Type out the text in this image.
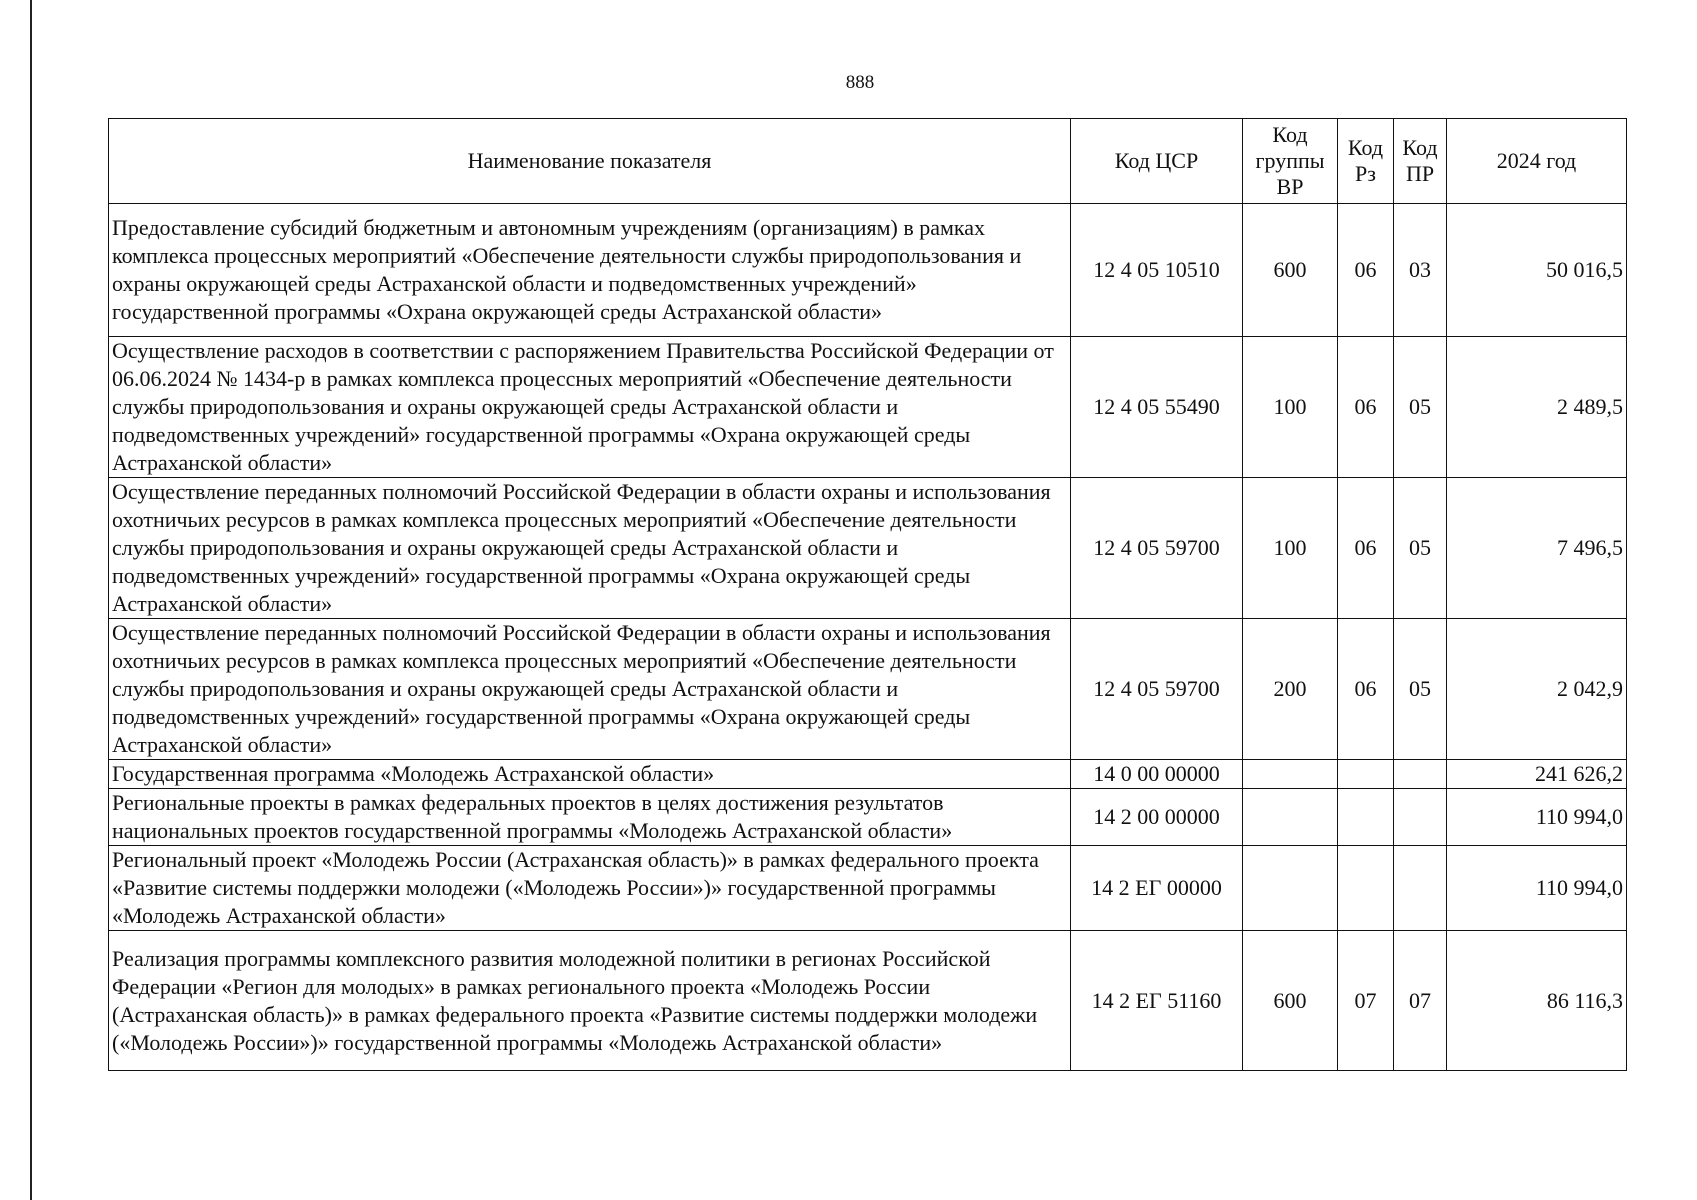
888
Наименование показателя	Код ЦСР	Код группы ВР	Код Рз	Код ПР	2024 год
Предоставление субсидий бюджетным и автономным учреждениям (организациям) в рамках комплекса процессных мероприятий «Обеспечение деятельности службы природопользования и охраны окружающей среды Астраханской области и подведомственных учреждений» государственной программы «Охрана окружающей среды Астраханской области»	12 4 05 10510	600	06	03	50 016,5
Осуществление расходов в соответствии с распоряжением Правительства Российской Федерации от 06.06.2024 № 1434-р в рамках комплекса процессных мероприятий «Обеспечение деятельности службы природопользования и охраны окружающей среды Астраханской области и подведомственных учреждений» государственной программы «Охрана окружающей среды Астраханской области»	12 4 05 55490	100	06	05	2 489,5
Осуществление переданных полномочий Российской Федерации в области охраны и использования охотничьих ресурсов в рамках комплекса процессных мероприятий «Обеспечение деятельности службы природопользования и охраны окружающей среды Астраханской области и подведомственных учреждений» государственной программы «Охрана окружающей среды Астраханской области»	12 4 05 59700	100	06	05	7 496,5
Осуществление переданных полномочий Российской Федерации в области охраны и использования охотничьих ресурсов в рамках комплекса процессных мероприятий «Обеспечение деятельности службы природопользования и охраны окружающей среды Астраханской области и подведомственных учреждений» государственной программы «Охрана окружающей среды Астраханской области»	12 4 05 59700	200	06	05	2 042,9
Государственная программа «Молодежь Астраханской области»	14 0 00 00000				241 626,2
Региональные проекты в рамках федеральных проектов в целях достижения результатов национальных проектов государственной программы «Молодежь Астраханской области»	14 2 00 00000				110 994,0
Региональный проект «Молодежь России (Астраханская область)» в рамках федерального проекта «Развитие системы поддержки молодежи («Молодежь России»)» государственной программы «Молодежь Астраханской области»	14 2 ЕГ 00000				110 994,0
Реализация программы комплексного развития молодежной политики в регионах Российской Федерации «Регион для молодых» в рамках регионального проекта «Молодежь России (Астраханская область)» в рамках федерального проекта «Развитие системы поддержки молодежи («Молодежь России»)» государственной программы «Молодежь Астраханской области»	14 2 ЕГ 51160	600	07	07	86 116,3
